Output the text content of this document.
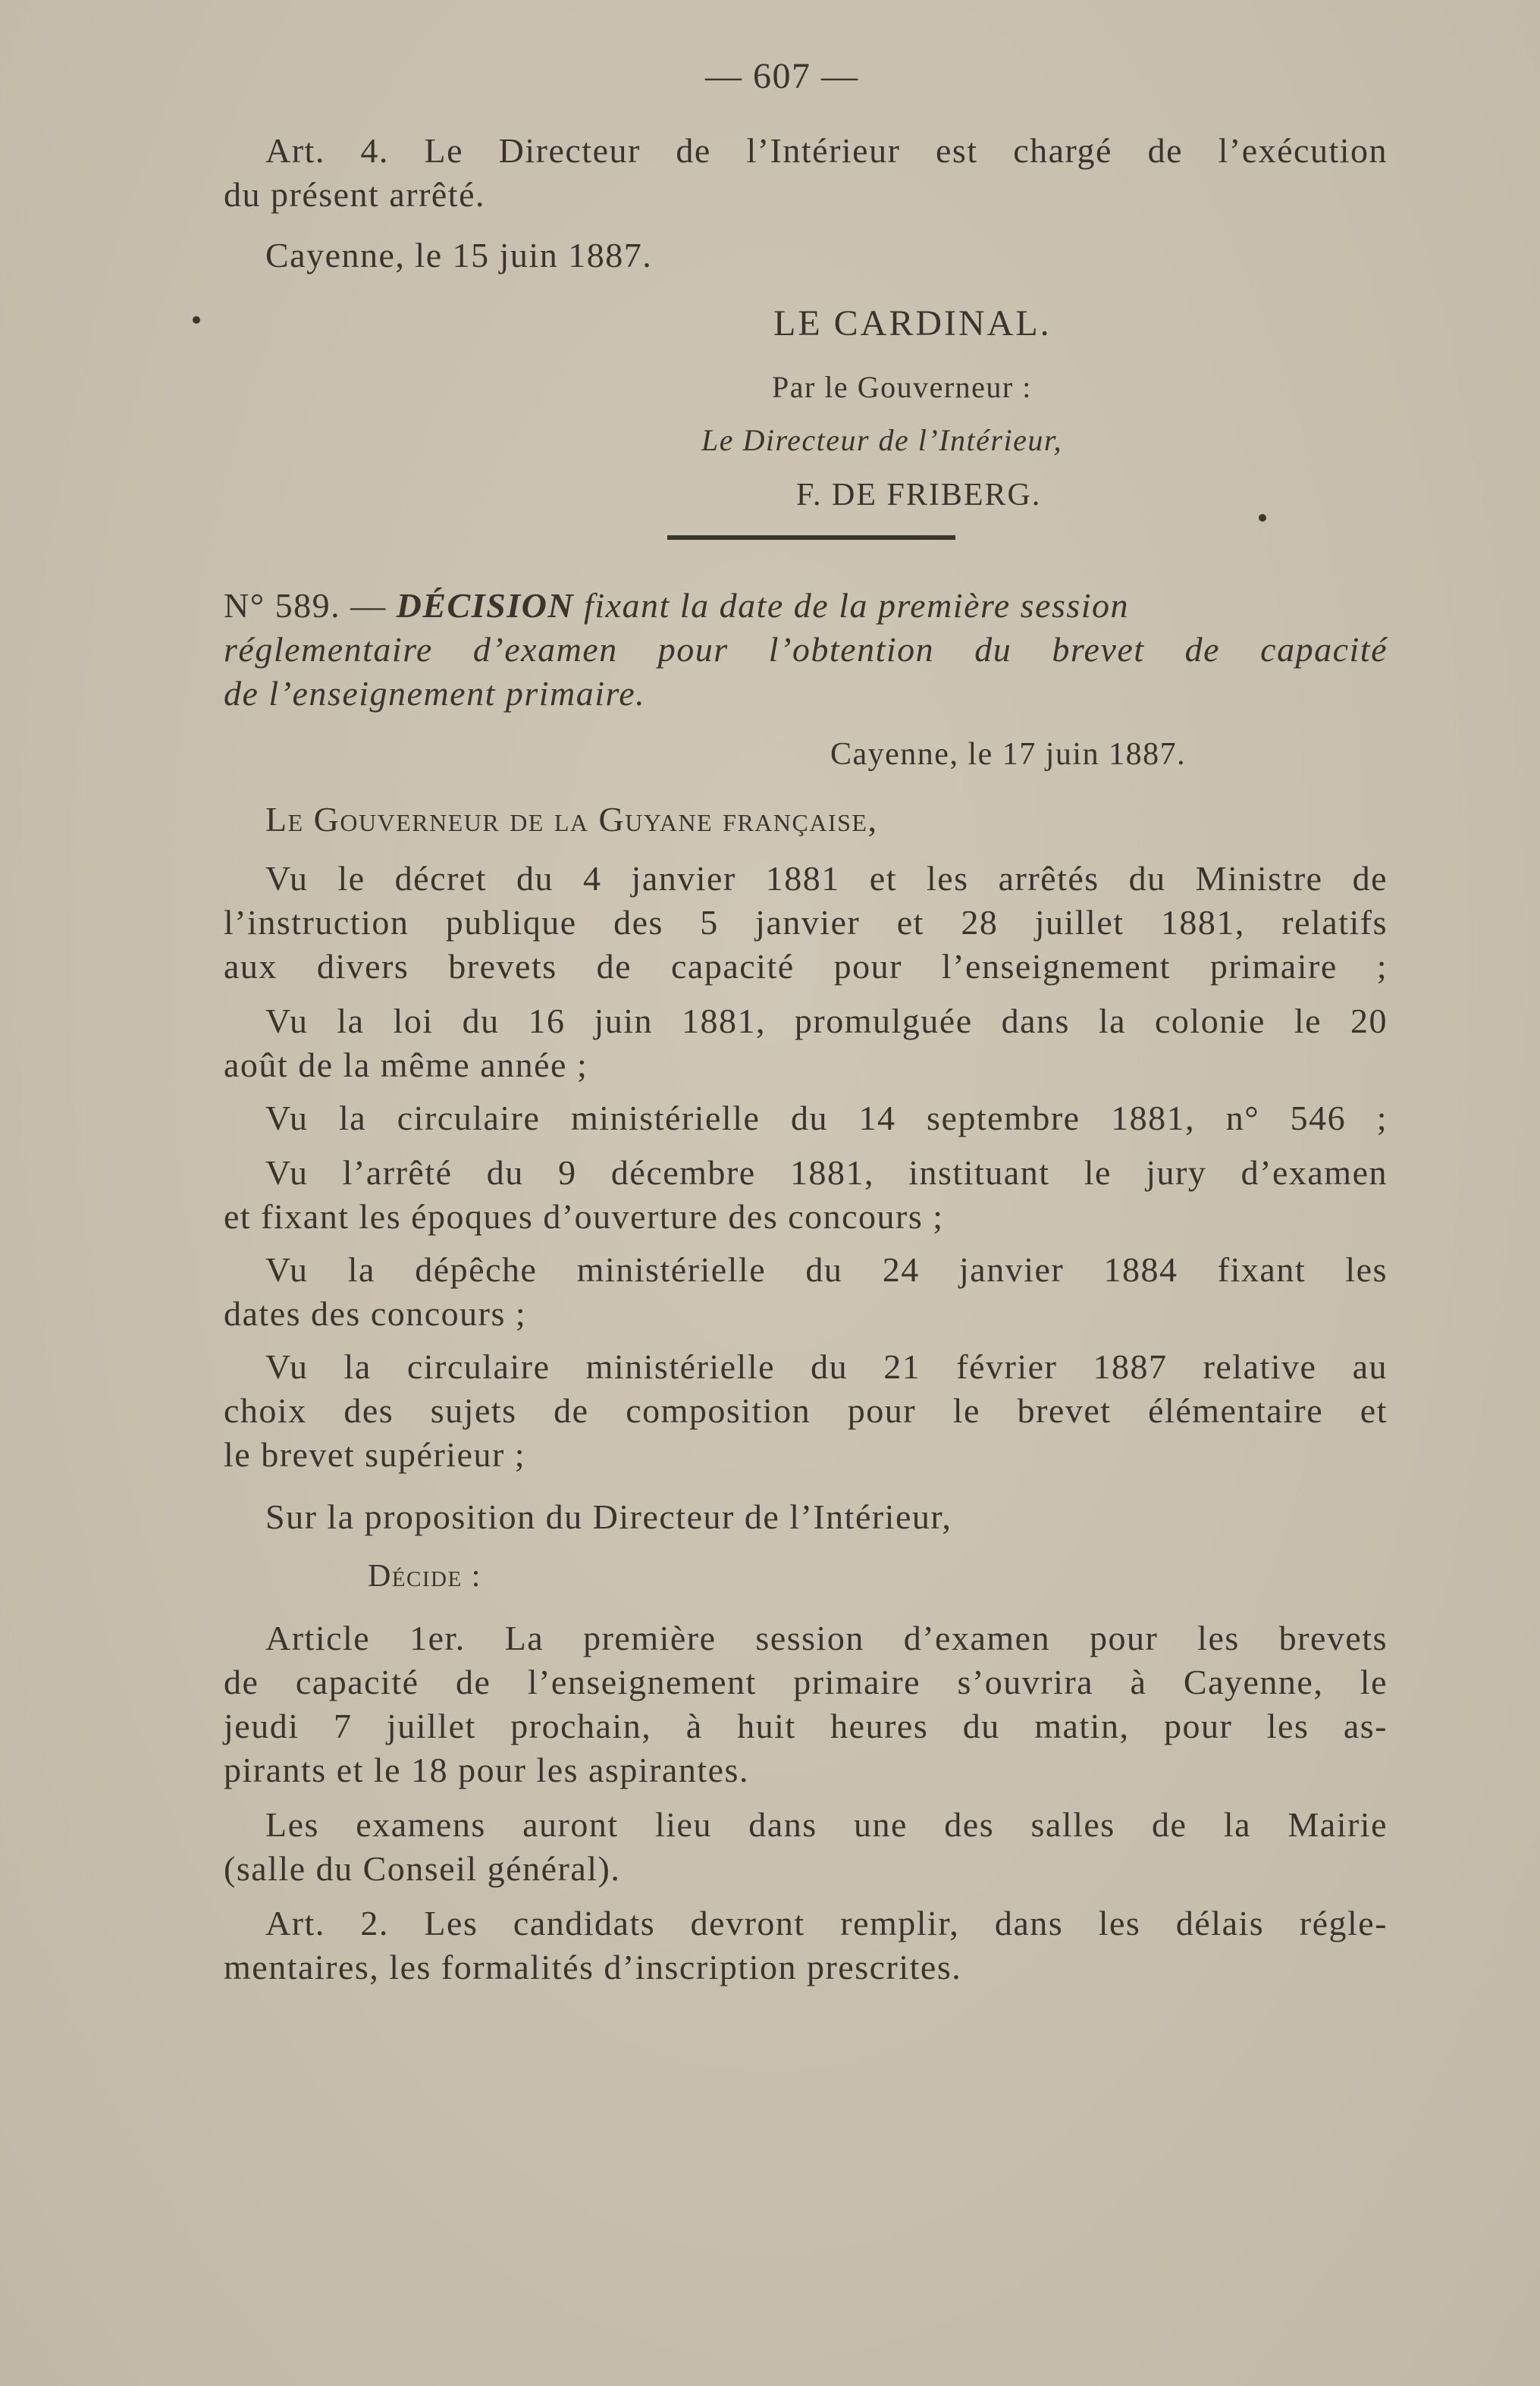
— 607 —
Art. 4. Le Directeur de l’Intérieur est chargé de l’exécution
du présent arrêté.
Cayenne, le 15 juin 1887.
LE CARDINAL.
Par le Gouverneur :
Le Directeur de l’Intérieur,
F. DE FRIBERG.
N° 589. — DÉCISION fixant la date de la première session
réglementaire d’examen pour l’obtention du brevet de capacité
de l’enseignement primaire.
Cayenne, le 17 juin 1887.
Le Gouverneur de la Guyane française,
Vu le décret du 4 janvier 1881 et les arrêtés du Ministre de
l’instruction publique des 5 janvier et 28 juillet 1881, relatifs
aux divers brevets de capacité pour l’enseignement primaire ;
Vu la loi du 16 juin 1881, promulguée dans la colonie le 20
août de la même année ;
Vu la circulaire ministérielle du 14 septembre 1881, n° 546 ;
Vu l’arrêté du 9 décembre 1881, instituant le jury d’examen
et fixant les époques d’ouverture des concours ;
Vu la dépêche ministérielle du 24 janvier 1884 fixant les
dates des concours ;
Vu la circulaire ministérielle du 21 février 1887 relative au
choix des sujets de composition pour le brevet élémentaire et
le brevet supérieur ;
Sur la proposition du Directeur de l’Intérieur,
Décide :
Article 1er. La première session d’examen pour les brevets
de capacité de l’enseignement primaire s’ouvrira à Cayenne, le
jeudi 7 juillet prochain, à huit heures du matin, pour les as-
pirants et le 18 pour les aspirantes.
Les examens auront lieu dans une des salles de la Mairie
(salle du Conseil général).
Art. 2. Les candidats devront remplir, dans les délais régle-
mentaires, les formalités d’inscription prescrites.
